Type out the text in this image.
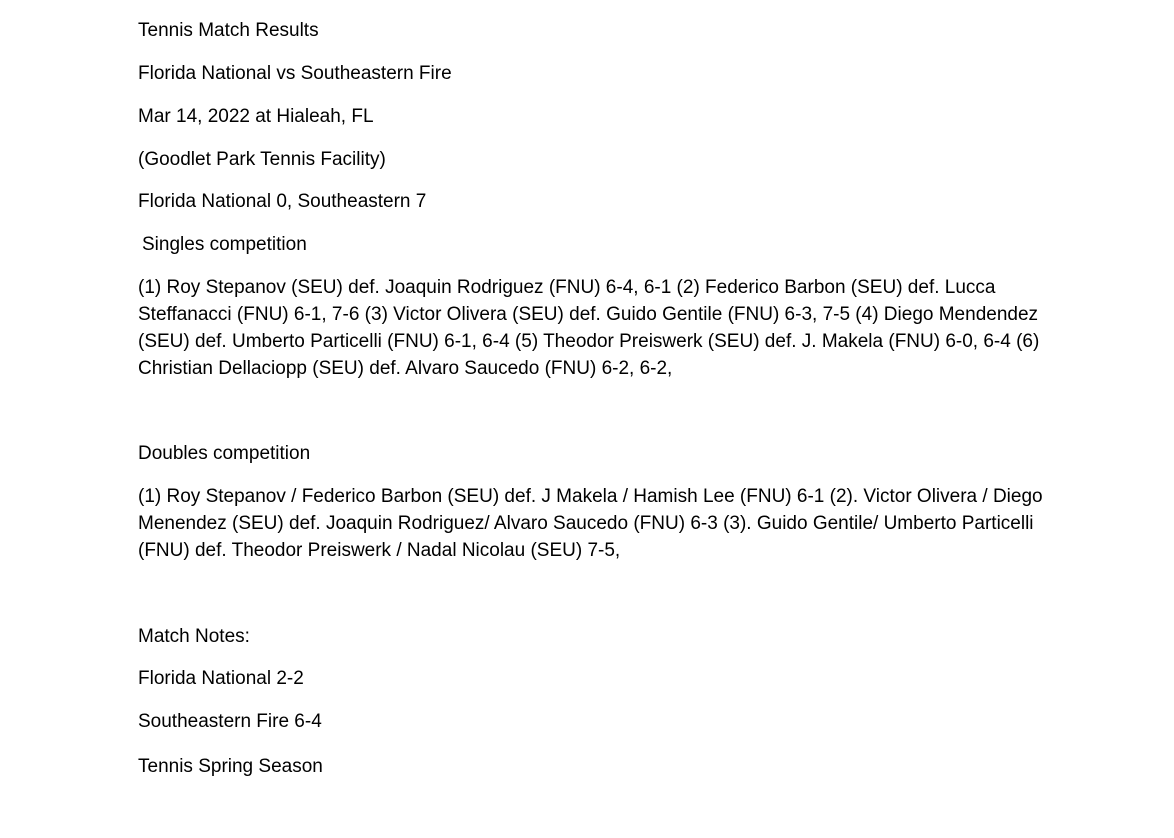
Tennis Match Results
Florida National vs Southeastern Fire
Mar 14, 2022 at Hialeah, FL
(Goodlet Park Tennis Facility)
Florida National 0, Southeastern 7
Singles competition
(1) Roy Stepanov (SEU) def. Joaquin Rodriguez (FNU) 6-4, 6-1 (2) Federico Barbon (SEU) def. Lucca Steffanacci (FNU) 6-1, 7-6 (3) Victor Olivera (SEU) def. Guido Gentile (FNU) 6-3, 7-5 (4) Diego Mendendez (SEU) def. Umberto Particelli (FNU) 6-1, 6-4 (5) Theodor Preiswerk (SEU) def. J. Makela (FNU) 6-0, 6-4 (6) Christian Dellaciopp (SEU) def. Alvaro Saucedo (FNU) 6-2, 6-2,
Doubles competition
(1) Roy Stepanov / Federico Barbon (SEU) def. J Makela / Hamish Lee (FNU) 6-1 (2). Victor Olivera / Diego Menendez (SEU) def. Joaquin Rodriguez/ Alvaro Saucedo (FNU) 6-3 (3). Guido Gentile/ Umberto Particelli (FNU) def. Theodor Preiswerk / Nadal Nicolau (SEU) 7-5,
Match Notes:
Florida National 2-2
Southeastern Fire 6-4
Tennis Spring Season
